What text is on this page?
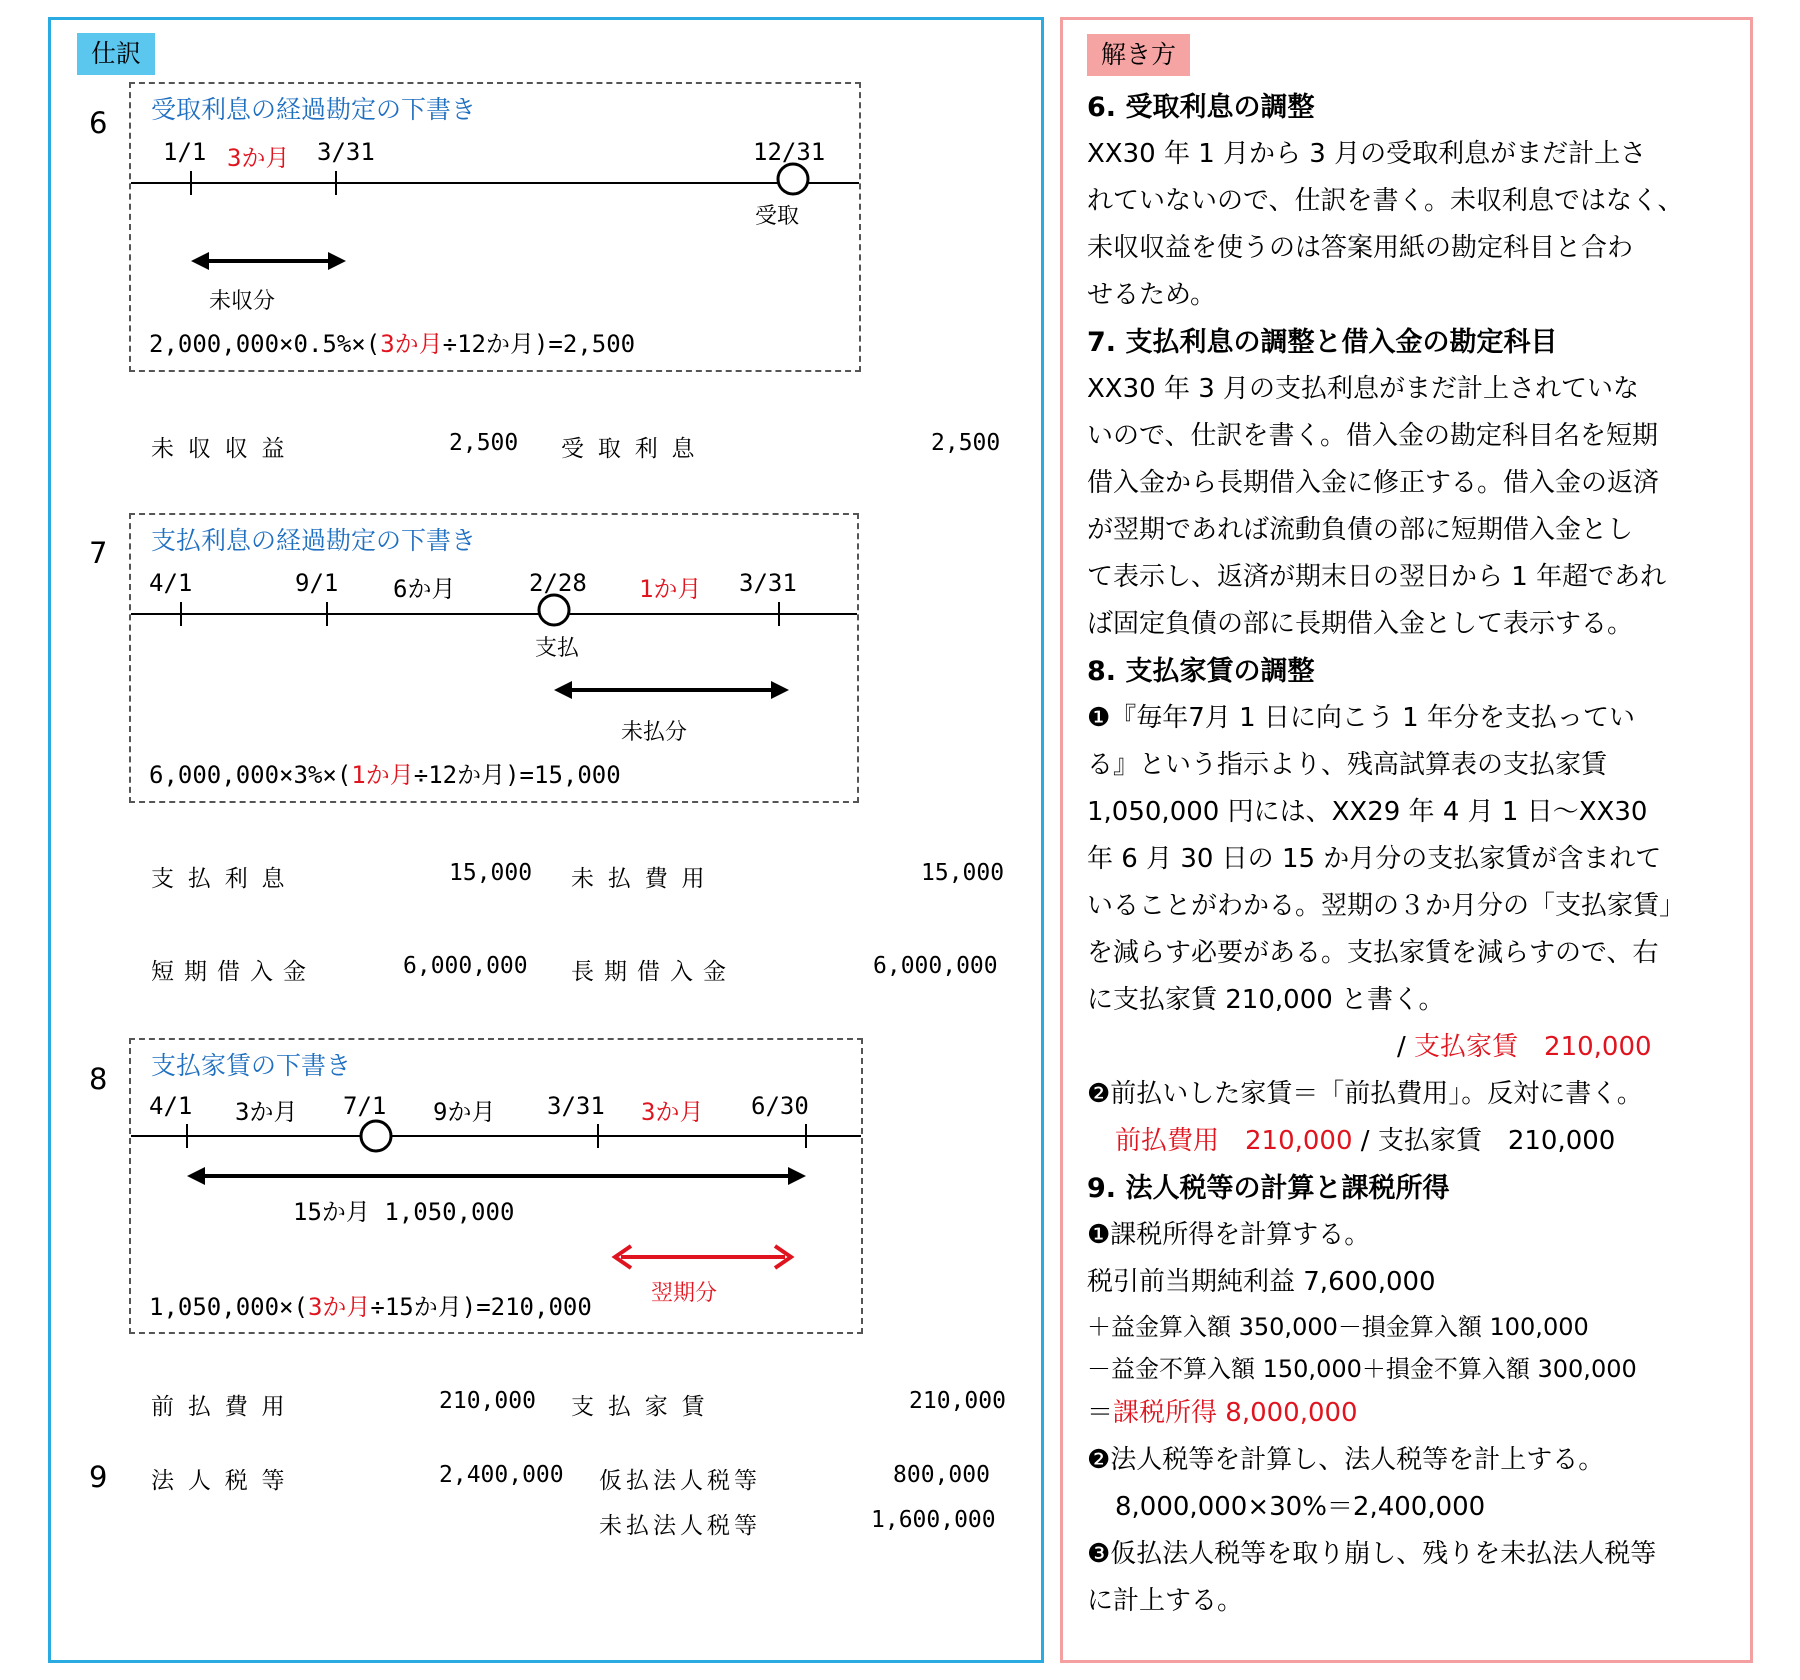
仕訳
6 受取利息の経過勘定の下書き
1/1 3か月 3/31	12/31
受取
未収分
2,000,000×0.5%×(3か月÷12か月)=2,500
未 収 収 益	2,500 受 取 利 息	2,500
7 支払利息の経過勘定の下書き
4/1	9/1 6か月	2/28 1か月 3/31
支払
未払分
6,000,000×3%×(1か月÷12か月)=15,000
支 払 利 息	15,000 未 払 費 用	15,000
短期借入金	6,000,000 長期借入金	6,000,000
8 支払家賃の下書き
4/1 3か月 7/1 9か月 3/31 3か月 6/30
15か月 1,050,000
翌期分
1,050,000×(3か月÷15か月)=210,000
前 払 費 用	210,000 支 払 家 賃	210,000
9 法 人 税 等	2,400,000 仮払法人税等	800,000
未払法人税等	1,600,000
解き方

6. 受取利息の調整

XX30 年 1 月から 3 月の受取利息がまだ計上さ

れていないので、仕訳を書く。未収利息ではなく、

未収収益を使うのは答案用紙の勘定科目と合わ

せるため。

7. 支払利息の調整と借入金の勘定科目

XX30 年 3 月の支払利息がまだ計上されていな

いので、仕訳を書く。借入金の勘定科目名を短期

借入金から長期借入金に修正する。借入金の返済

が翌期であれば流動負債の部に短期借入金とし

て表示し、返済が期末日の翌日から 1 年超であれ

ば固定負債の部に長期借入金として表示する。

8. 支払家賃の調整

❶『毎年7月 1 日に向こう 1 年分を支払ってい

る』という指示より、残高試算表の支払家賃

1,050,000 円には、XX29 年 4 月 1 日〜XX30

年 6 月 30 日の 15 か月分の支払家賃が含まれて

いることがわかる。翌期の３か月分の「支払家賃」

を減らす必要がある。支払家賃を減らすので、右

に支払家賃 210,000 と書く。

/ 支払家賃　210,000

❷前払いした家賃＝「前払費用」。反対に書く。

前払費用　210,000 / 支払家賃　210,000

9. 法人税等の計算と課税所得

❶課税所得を計算する。

税引前当期純利益 7,600,000

＋益金算入額 350,000－損金算入額 100,000

－益金不算入額 150,000＋損金不算入額 300,000

＝課税所得 8,000,000

❷法人税等を計算し、法人税等を計上する。

8,000,000×30%＝2,400,000

❸仮払法人税等を取り崩し、残りを未払法人税等

に計上する。
